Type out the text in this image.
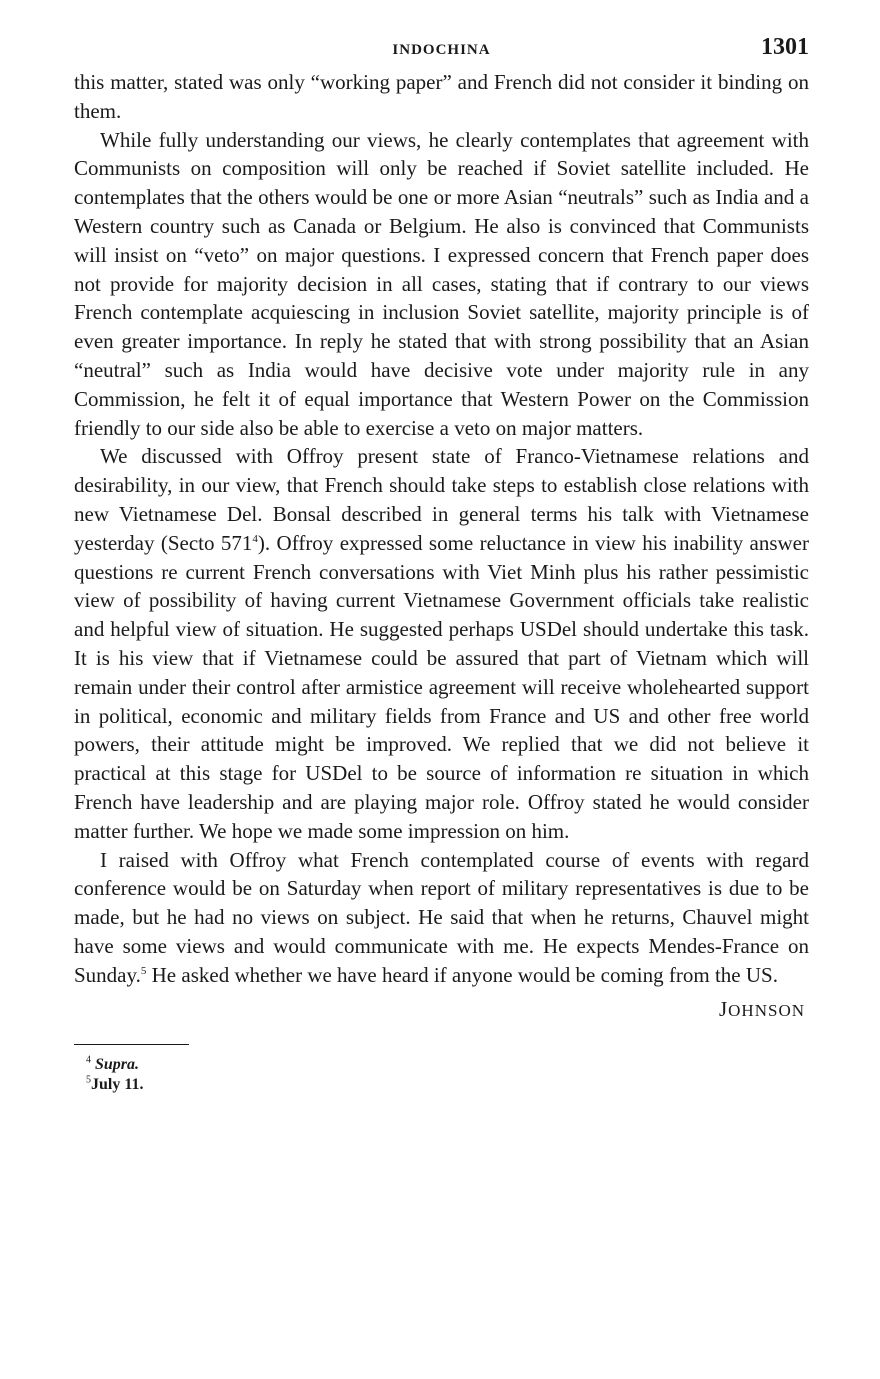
INDOCHINA	1301

this matter, stated was only “working paper” and French did not consider it binding on them.

While fully understanding our views, he clearly contemplates that agreement with Communists on composition will only be reached if Soviet satellite included. He contemplates that the others would be one or more Asian “neutrals” such as India and a Western country such as Canada or Belgium. He also is convinced that Communists will insist on “veto” on major questions. I expressed concern that French paper does not provide for majority decision in all cases, stating that if contrary to our views French contemplate acquiescing in inclusion Soviet satellite, majority principle is of even greater importance. In reply he stated that with strong possibility that an Asian “neutral” such as India would have decisive vote under majority rule in any Commission, he felt it of equal importance that Western Power on the Commission friendly to our side also be able to exercise a veto on major matters.

We discussed with Offroy present state of Franco-Vietnamese relations and desirability, in our view, that French should take steps to establish close relations with new Vietnamese Del. Bonsal described in general terms his talk with Vietnamese yesterday (Secto $571^4$). Offroy expressed some reluctance in view his inability answer questions re current French conversations with Viet Minh plus his rather pessimistic view of possibility of having current Vietnamese Government officials take realistic and helpful view of situation. He suggested perhaps USDel should undertake this task. It is his view that if Vietnamese could be assured that part of Vietnam which will remain under their control after armistice agreement will receive wholehearted support in political, economic and military fields from France and US and other free world powers, their attitude might be improved. We replied that we did not believe it practical at this stage for USDel to be source of information re situation in which French have leadership and are playing major role. Offroy stated he would consider matter further. We hope we made some impression on him.

I raised with Offroy what French contemplated course of events with regard conference would be on Saturday when report of military representatives is due to be made, but he had no views on subject. He said that when he returns, Chauvel might have some views and would communicate with me. He expects Mendes-France on Sunday.$^5$ He asked whether we have heard if anyone would be coming from the US.

JOHNSON
$^4$ Supra.
$^5$July 11.
